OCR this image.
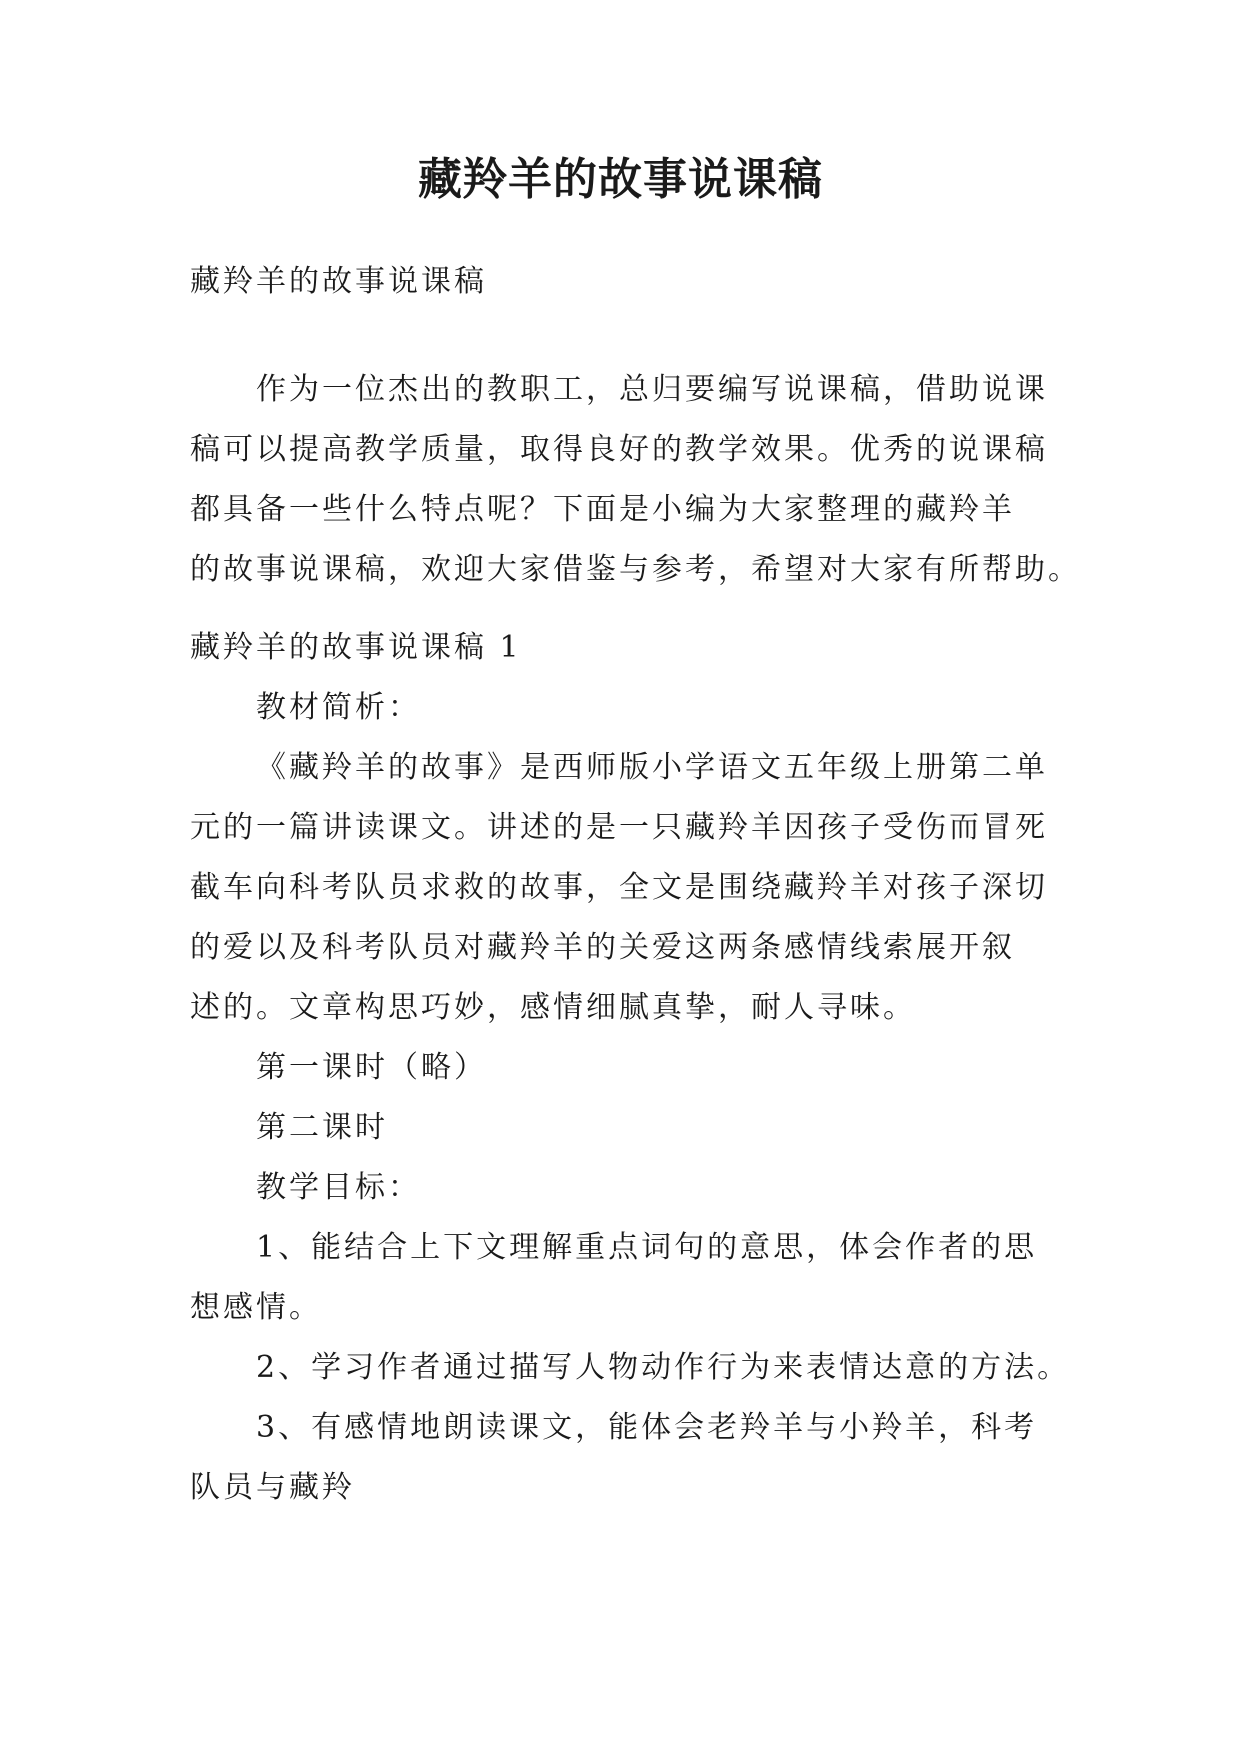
藏羚羊的故事说课稿
藏羚羊的故事说课稿
作为一位杰出的教职工，总归要编写说课稿，借助说课
稿可以提高教学质量，取得良好的教学效果。优秀的说课稿
都具备一些什么特点呢？下面是小编为大家整理的藏羚羊
的故事说课稿，欢迎大家借鉴与参考，希望对大家有所帮助。
藏羚羊的故事说课稿 1
教材简析：
《藏羚羊的故事》是西师版小学语文五年级上册第二单
元的一篇讲读课文。讲述的是一只藏羚羊因孩子受伤而冒死
截车向科考队员求救的故事，全文是围绕藏羚羊对孩子深切
的爱以及科考队员对藏羚羊的关爱这两条感情线索展开叙
述的。文章构思巧妙，感情细腻真挚，耐人寻味。
第一课时（略）
第二课时
教学目标：
1、能结合上下文理解重点词句的意思，体会作者的思
想感情。
2、学习作者通过描写人物动作行为来表情达意的方法。
3、有感情地朗读课文，能体会老羚羊与小羚羊，科考
队员与藏羚
